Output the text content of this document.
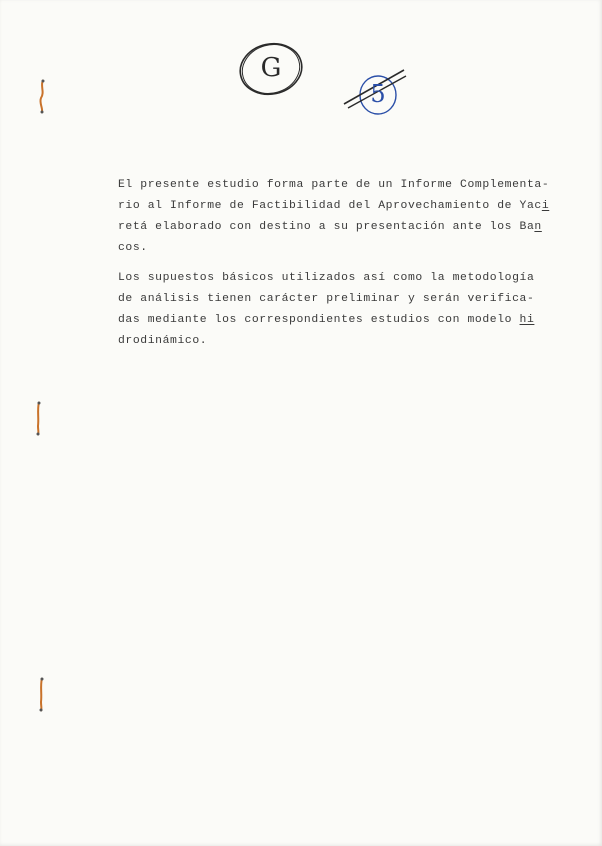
G
5
El presente estudio forma parte de un Informe Complementa-
rio al Informe de Factibilidad del Aprovechamiento de Yaci
retá elaborado con destino a su presentación ante los Ban
cos.
Los supuestos básicos utilizados así como la metodología
de análisis tienen carácter preliminar y serán verifica-
das mediante los correspondientes estudios con modelo hi
drodinámico.
